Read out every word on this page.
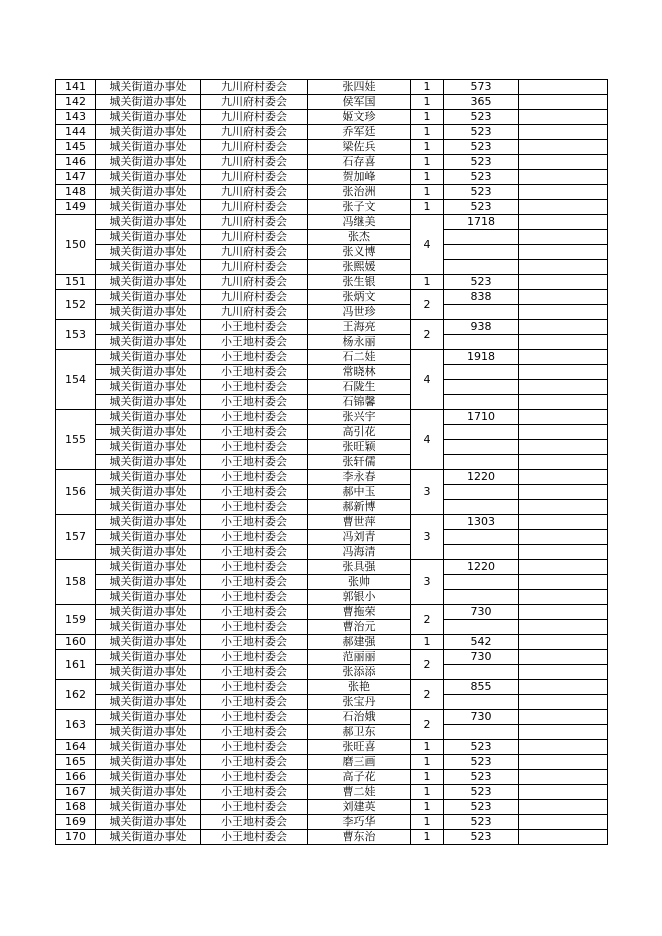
141	城关街道办事处	九川府村委会	张四娃	1	573	
142	城关街道办事处	九川府村委会	侯军国	1	365	
143	城关街道办事处	九川府村委会	姬文珍	1	523	
144	城关街道办事处	九川府村委会	乔军廷	1	523	
145	城关街道办事处	九川府村委会	梁佐兵	1	523	
146	城关街道办事处	九川府村委会	石存喜	1	523	
147	城关街道办事处	九川府村委会	贺加峰	1	523	
148	城关街道办事处	九川府村委会	张治洲	1	523	
149	城关街道办事处	九川府村委会	张子文	1	523	
150	城关街道办事处	九川府村委会	冯继美	4	1718	
	城关街道办事处	九川府村委会	张杰			
	城关街道办事处	九川府村委会	张义博			
	城关街道办事处	九川府村委会	张熙媛			
151	城关街道办事处	九川府村委会	张生银	1	523	
152	城关街道办事处	九川府村委会	张炳文	2	838	
	城关街道办事处	九川府村委会	冯世珍			
153	城关街道办事处	小王地村委会	王海亮	2	938	
	城关街道办事处	小王地村委会	杨永丽			
154	城关街道办事处	小王地村委会	石二娃	4	1918	
	城关街道办事处	小王地村委会	常晓林			
	城关街道办事处	小王地村委会	石陇生			
	城关街道办事处	小王地村委会	石锦馨			
155	城关街道办事处	小王地村委会	张兴宇	4	1710	
	城关街道办事处	小王地村委会	高引花			
	城关街道办事处	小王地村委会	张旺颖			
	城关街道办事处	小王地村委会	张轩儒			
156	城关街道办事处	小王地村委会	李永春	3	1220	
	城关街道办事处	小王地村委会	郝中玉			
	城关街道办事处	小王地村委会	郝新博			
157	城关街道办事处	小王地村委会	曹世萍	3	1303	
	城关街道办事处	小王地村委会	冯刘青			
	城关街道办事处	小王地村委会	冯海清			
158	城关街道办事处	小王地村委会	张具强	3	1220	
	城关街道办事处	小王地村委会	张帅			
	城关街道办事处	小王地村委会	郭银小			
159	城关街道办事处	小王地村委会	曹拖荣	2	730	
	城关街道办事处	小王地村委会	曹治元			
160	城关街道办事处	小王地村委会	郝建强	1	542	
161	城关街道办事处	小王地村委会	范丽丽	2	730	
	城关街道办事处	小王地村委会	张添添			
162	城关街道办事处	小王地村委会	张艳	2	855	
	城关街道办事处	小王地村委会	张宝丹			
163	城关街道办事处	小王地村委会	石治娥	2	730	
	城关街道办事处	小王地村委会	郝卫东			
164	城关街道办事处	小王地村委会	张旺喜	1	523	
165	城关街道办事处	小王地村委会	磨三画	1	523	
166	城关街道办事处	小王地村委会	高子花	1	523	
167	城关街道办事处	小王地村委会	曹二娃	1	523	
168	城关街道办事处	小王地村委会	刘建英	1	523	
169	城关街道办事处	小王地村委会	李巧华	1	523	
170	城关街道办事处	小王地村委会	曹东治	1	523	
